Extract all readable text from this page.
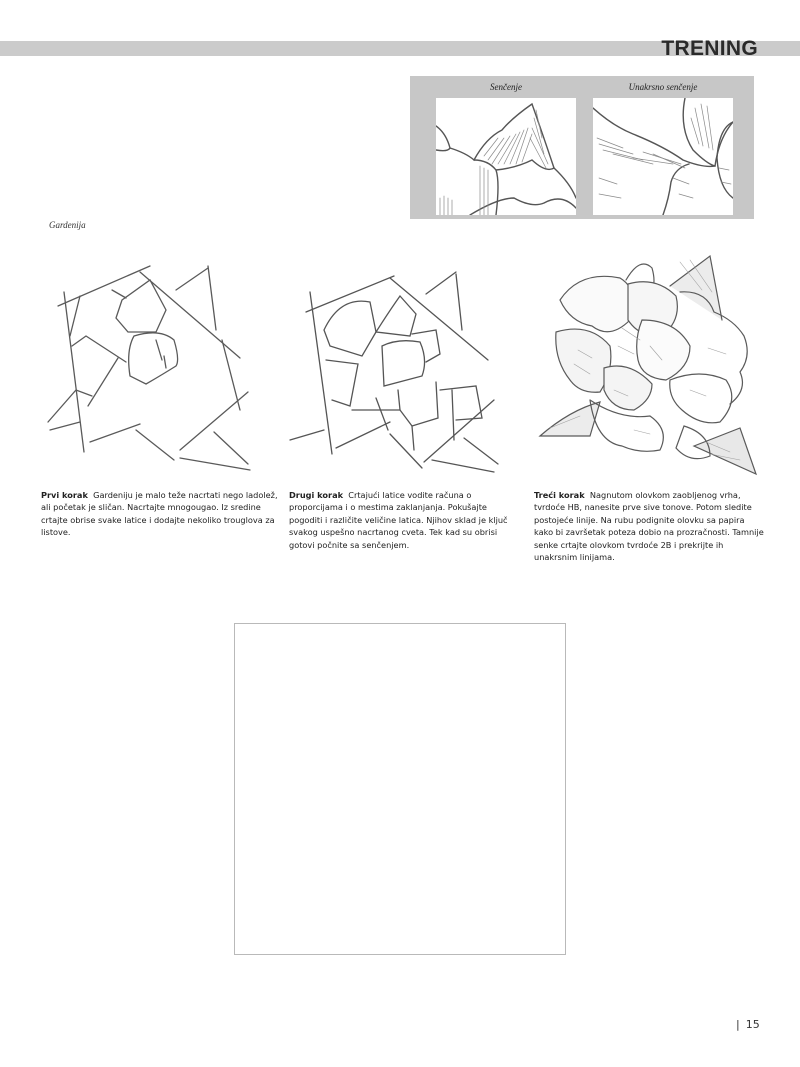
TRENING
Senčenje	Unakrsno senčenje
Gardenija
Prvi korak Gardeniju je malo teže nacrtati nego ladolež, ali početak je sličan. Nacrtajte mnogougao. Iz sredine crtajte obrise svake latice i dodajte nekoliko trouglova za listove.
Drugi korak Crtajući latice vodite računa o proporcijama i o mestima zaklanjanja. Pokušajte pogoditi i različite veličine latica. Njihov sklad je ključ svakog uspešno nacrtanog cveta. Tek kad su obrisi gotovi počnite sa senčenjem.
Treći korak Nagnutom olovkom zaobljenog vrha, tvrdoće HB, nanesite prve sive tonove. Potom sledite postojeće linije. Na rubu podignite olovku sa papira kako bi završetak poteza dobio na prozračnosti. Tamnije senke crtajte olovkom tvrdoće 2B i prekrijte ih unakrsnim linijama.
| 15
